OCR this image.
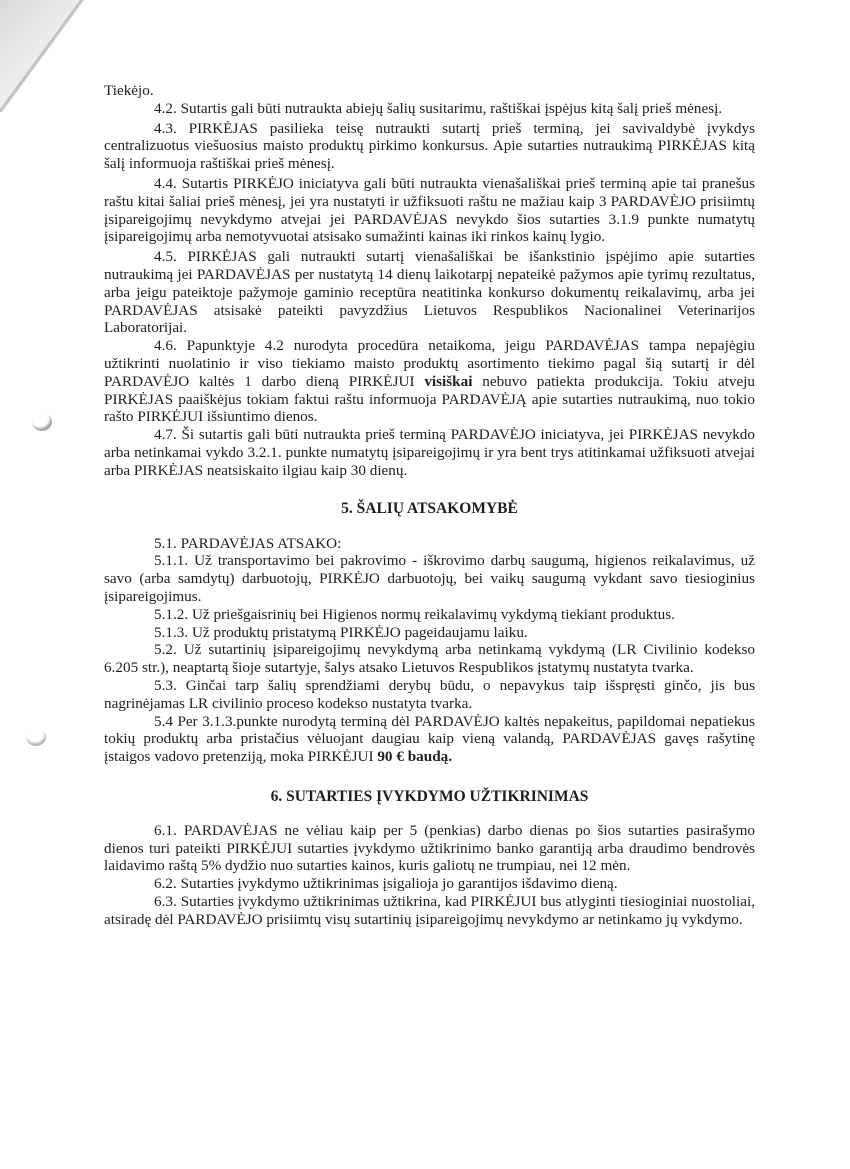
Tiekėjo.

4.2. Sutartis gali būti nutraukta abiejų šalių susitarimu, raštiškai įspėjus kitą šalį prieš mėnesį.

4.3. PIRKĖJAS pasilieka teisę nutraukti sutartį prieš terminą, jei savivaldybė įvykdys centralizuotus viešuosius maisto produktų pirkimo konkursus. Apie sutarties nutraukimą PIRKĖJAS kitą šalį informuoja raštiškai prieš mėnesį.

4.4. Sutartis PIRKĖJO iniciatyva gali būti nutraukta vienašališkai prieš terminą apie tai pranešus raštu kitai šaliai prieš mėnesį, jei yra nustatyti ir užfiksuoti raštu ne mažiau kaip 3 PARDAVĖJO prisiimtų įsipareigojimų nevykdymo atvejai jei PARDAVĖJAS nevykdo šios sutarties 3.1.9 punkte numatytų įsipareigojimų arba nemotyvuotai atsisako sumažinti kainas iki rinkos kainų lygio.

4.5. PIRKĖJAS gali nutraukti sutartį vienašališkai be išankstinio įspėjimo apie sutarties nutraukimą jei PARDAVĖJAS per nustatytą 14 dienų laikotarpį nepateikė pažymos apie tyrimų rezultatus, arba jeigu pateiktoje pažymoje gaminio receptūra neatitinka konkurso dokumentų reikalavimų, arba jei PARDAVĖJAS atsisakė pateikti pavyzdžius Lietuvos Respublikos Nacionalinei Veterinarijos Laboratorijai.

4.6. Papunktyje 4.2 nurodyta procedūra netaikoma, jeigu PARDAVĖJAS tampa nepajėgiu užtikrinti nuolatinio ir viso tiekiamo maisto produktų asortimento tiekimo pagal šią sutartį ir dėl PARDAVĖJO kaltės 1 darbo dieną PIRKĖJUI visiškai nebuvo patiekta produkcija. Tokiu atveju PIRKĖJAS paaiškėjus tokiam faktui raštu informuoja PARDAVĖJĄ apie sutarties nutraukimą, nuo tokio rašto PIRKĖJUI išsiuntimo dienos.

4.7. Ši sutartis gali būti nutraukta prieš terminą PARDAVĖJO iniciatyva, jei PIRKĖJAS nevykdo arba netinkamai vykdo 3.2.1. punkte numatytų įsipareigojimų ir yra bent trys atitinkamai užfiksuoti atvejai arba PIRKĖJAS neatsiskaito ilgiau kaip 30 dienų.

5. ŠALIŲ ATSAKOMYBĖ

5.1. PARDAVĖJAS ATSAKO:

5.1.1. Už transportavimo bei pakrovimo - iškrovimo darbų saugumą, higienos reikalavimus, už savo (arba samdytų) darbuotojų, PIRKĖJO darbuotojų, bei vaikų saugumą vykdant savo tiesioginius įsipareigojimus.

5.1.2. Už priešgaisrinių bei Higienos normų reikalavimų vykdymą tiekiant produktus.

5.1.3. Už produktų pristatymą PIRKĖJO pageidaujamu laiku.

5.2. Už sutartinių įsipareigojimų nevykdymą arba netinkamą vykdymą (LR Civilinio kodekso 6.205 str.), neaptartą šioje sutartyje, šalys atsako Lietuvos Respublikos įstatymų nustatyta tvarka.

5.3. Ginčai tarp šalių sprendžiami derybų būdu, o nepavykus taip išspręsti ginčo, jis bus nagrinėjamas LR civilinio proceso kodekso nustatyta tvarka.

5.4 Per 3.1.3.punkte nurodytą terminą dėl PARDAVĖJO kaltės nepakeitus, papildomai nepatiekus tokių produktų arba pristačius vėluojant daugiau kaip vieną valandą, PARDAVĖJAS gavęs rašytinę įstaigos vadovo pretenziją, moka PIRKĖJUI 90 € baudą.

6. SUTARTIES ĮVYKDYMO UŽTIKRINIMAS

6.1. PARDAVĖJAS ne vėliau kaip per 5 (penkias) darbo dienas po šios sutarties pasirašymo dienos turi pateikti PIRKĖJUI sutarties įvykdymo užtikrinimo banko garantiją arba draudimo bendrovės laidavimo raštą 5% dydžio nuo sutarties kainos, kuris galiotų ne trumpiau, nei 12 mėn.

6.2. Sutarties įvykdymo užtikrinimas įsigalioja jo garantijos išdavimo dieną.

6.3. Sutarties įvykdymo užtikrinimas užtikrina, kad PIRKĖJUI bus atlyginti tiesioginiai nuostoliai, atsiradę dėl PARDAVĖJO prisiimtų visų sutartinių įsipareigojimų nevykdymo ar netinkamo jų vykdymo.
